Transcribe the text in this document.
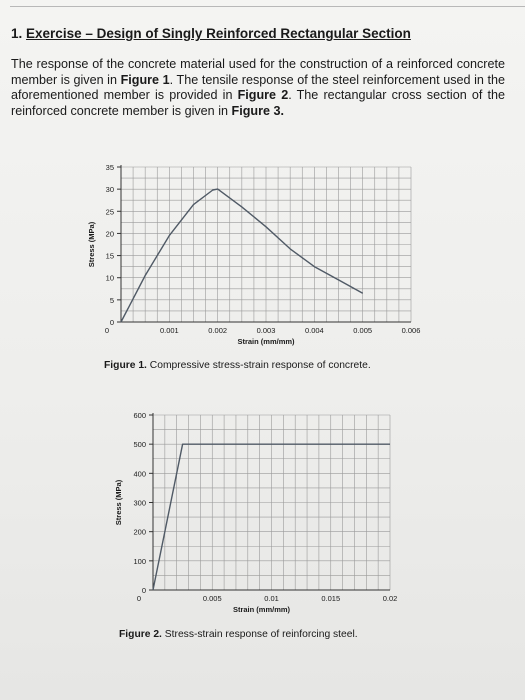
1. Exercise – Design of Singly Reinforced Rectangular Section
The response of the concrete material used for the construction of a reinforced concrete member is given in Figure 1. The tensile response of the steel reinforcement used in the aforementioned member is provided in Figure 2. The rectangular cross section of the reinforced concrete member is given in Figure 3.
0
5
10
15
20
25
30
35
0	0.001	0.002	0.003	0.004	0.005	0.006
Strain (mm/mm)
Stress (MPa)
0
100
200
300
400
500
600
0	0.005	0.01	0.015	0.02
Strain (mm/mm)
Stress (MPa)
Figure 1. Compressive stress-strain response of concrete.
Figure 2. Stress-strain response of reinforcing steel.
